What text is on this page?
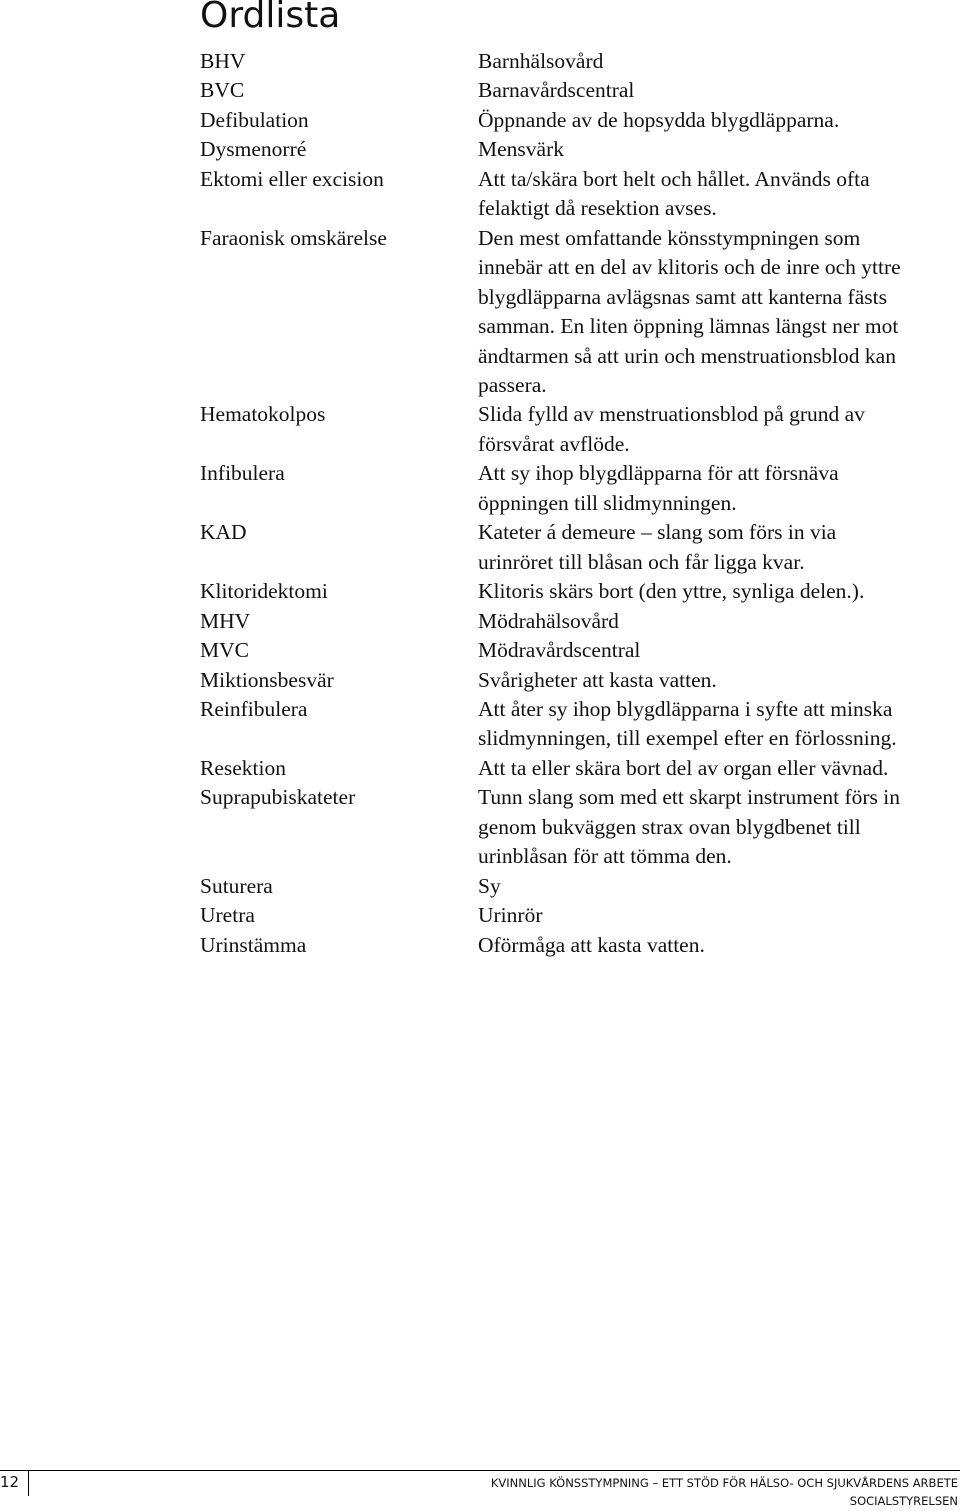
Ordlista
BHV	Barnhälsovård
BVC	Barnavårdscentral
Defibulation	Öppnande av de hopsydda blygdläpparna.
Dysmenorré	Mensvärk
Ektomi eller excision	Att ta/skära bort helt och hållet. Används ofta
felaktigt då resektion avses.
Faraonisk omskärelse	Den mest omfattande könsstympningen som
innebär att en del av klitoris och de inre och yttre
blygdläpparna avlägsnas samt att kanterna fästs
samman. En liten öppning lämnas längst ner mot
ändtarmen så att urin och menstruationsblod kan
passera.
Hematokolpos	Slida fylld av menstruationsblod på grund av
försvårat avflöde.
Infibulera	Att sy ihop blygdläpparna för att försnäva
öppningen till slidmynningen.
KAD	Kateter á demeure – slang som förs in via
urinröret till blåsan och får ligga kvar.
Klitoridektomi	Klitoris skärs bort (den yttre, synliga delen.).
MHV	Mödrahälsovård
MVC	Mödravårdscentral
Miktionsbesvär	Svårigheter att kasta vatten.
Reinfibulera	Att åter sy ihop blygdläpparna i syfte att minska
slidmynningen, till exempel efter en förlossning.
Resektion	Att ta eller skära bort del av organ eller vävnad.
Suprapubiskateter	Tunn slang som med ett skarpt instrument förs in
genom bukväggen strax ovan blygdbenet till
urinblåsan för att tömma den.
Suturera	Sy
Uretra	Urinrör
Urinstämma	Oförmåga att kasta vatten.
12	KVINNLIG KÖNSSTYMPNING – ETT STÖD FÖR HÄLSO- OCH SJUKVÅRDENS ARBETE
SOCIALSTYRELSEN
